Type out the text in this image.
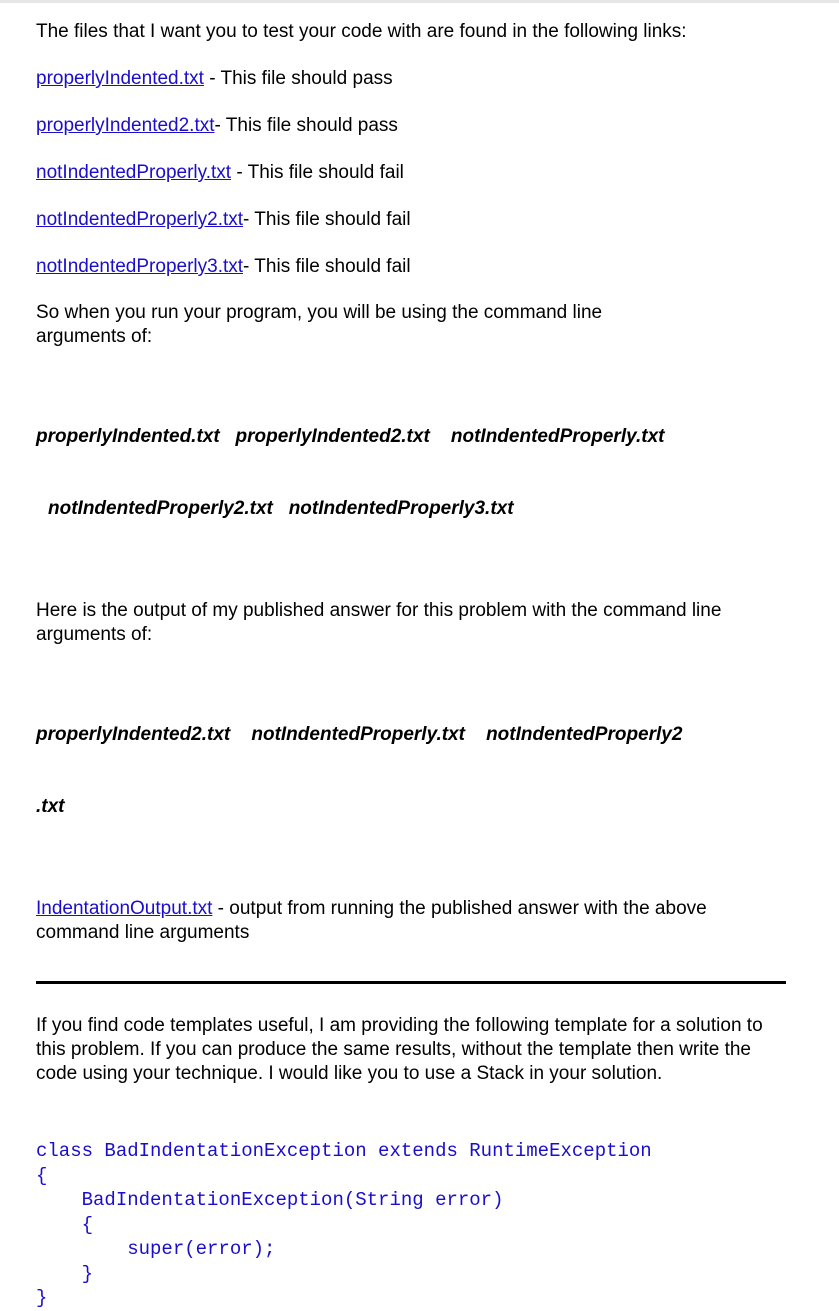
The files that I want you to test your code with are found in the following links:

properlyIndented.txt - This file should pass

properlyIndented2.txt- This file should pass

notIndentedProperly.txt - This file should fail

notIndentedProperly2.txt- This file should fail

notIndentedProperly3.txt- This file should fail

So when you run your program, you will be using the command line arguments of:

properlyIndented.txt   properlyIndented2.txt    notIndentedProperly.txt

notIndentedProperly2.txt   notIndentedProperly3.txt

Here is the output of my published answer for this problem with the command line arguments of:

properlyIndented2.txt    notIndentedProperly.txt    notIndentedProperly2

.txt

IndentationOutput.txt - output from running the published answer with the above command line arguments

If you find code templates useful, I am providing the following template for a solution to this problem. If you can produce the same results, without the template then write the code using your technique. I would like you to use a Stack in your solution.

class BadIndentationException extends RuntimeException
{
BadIndentationException(String error)
{
super(error);
}
}
